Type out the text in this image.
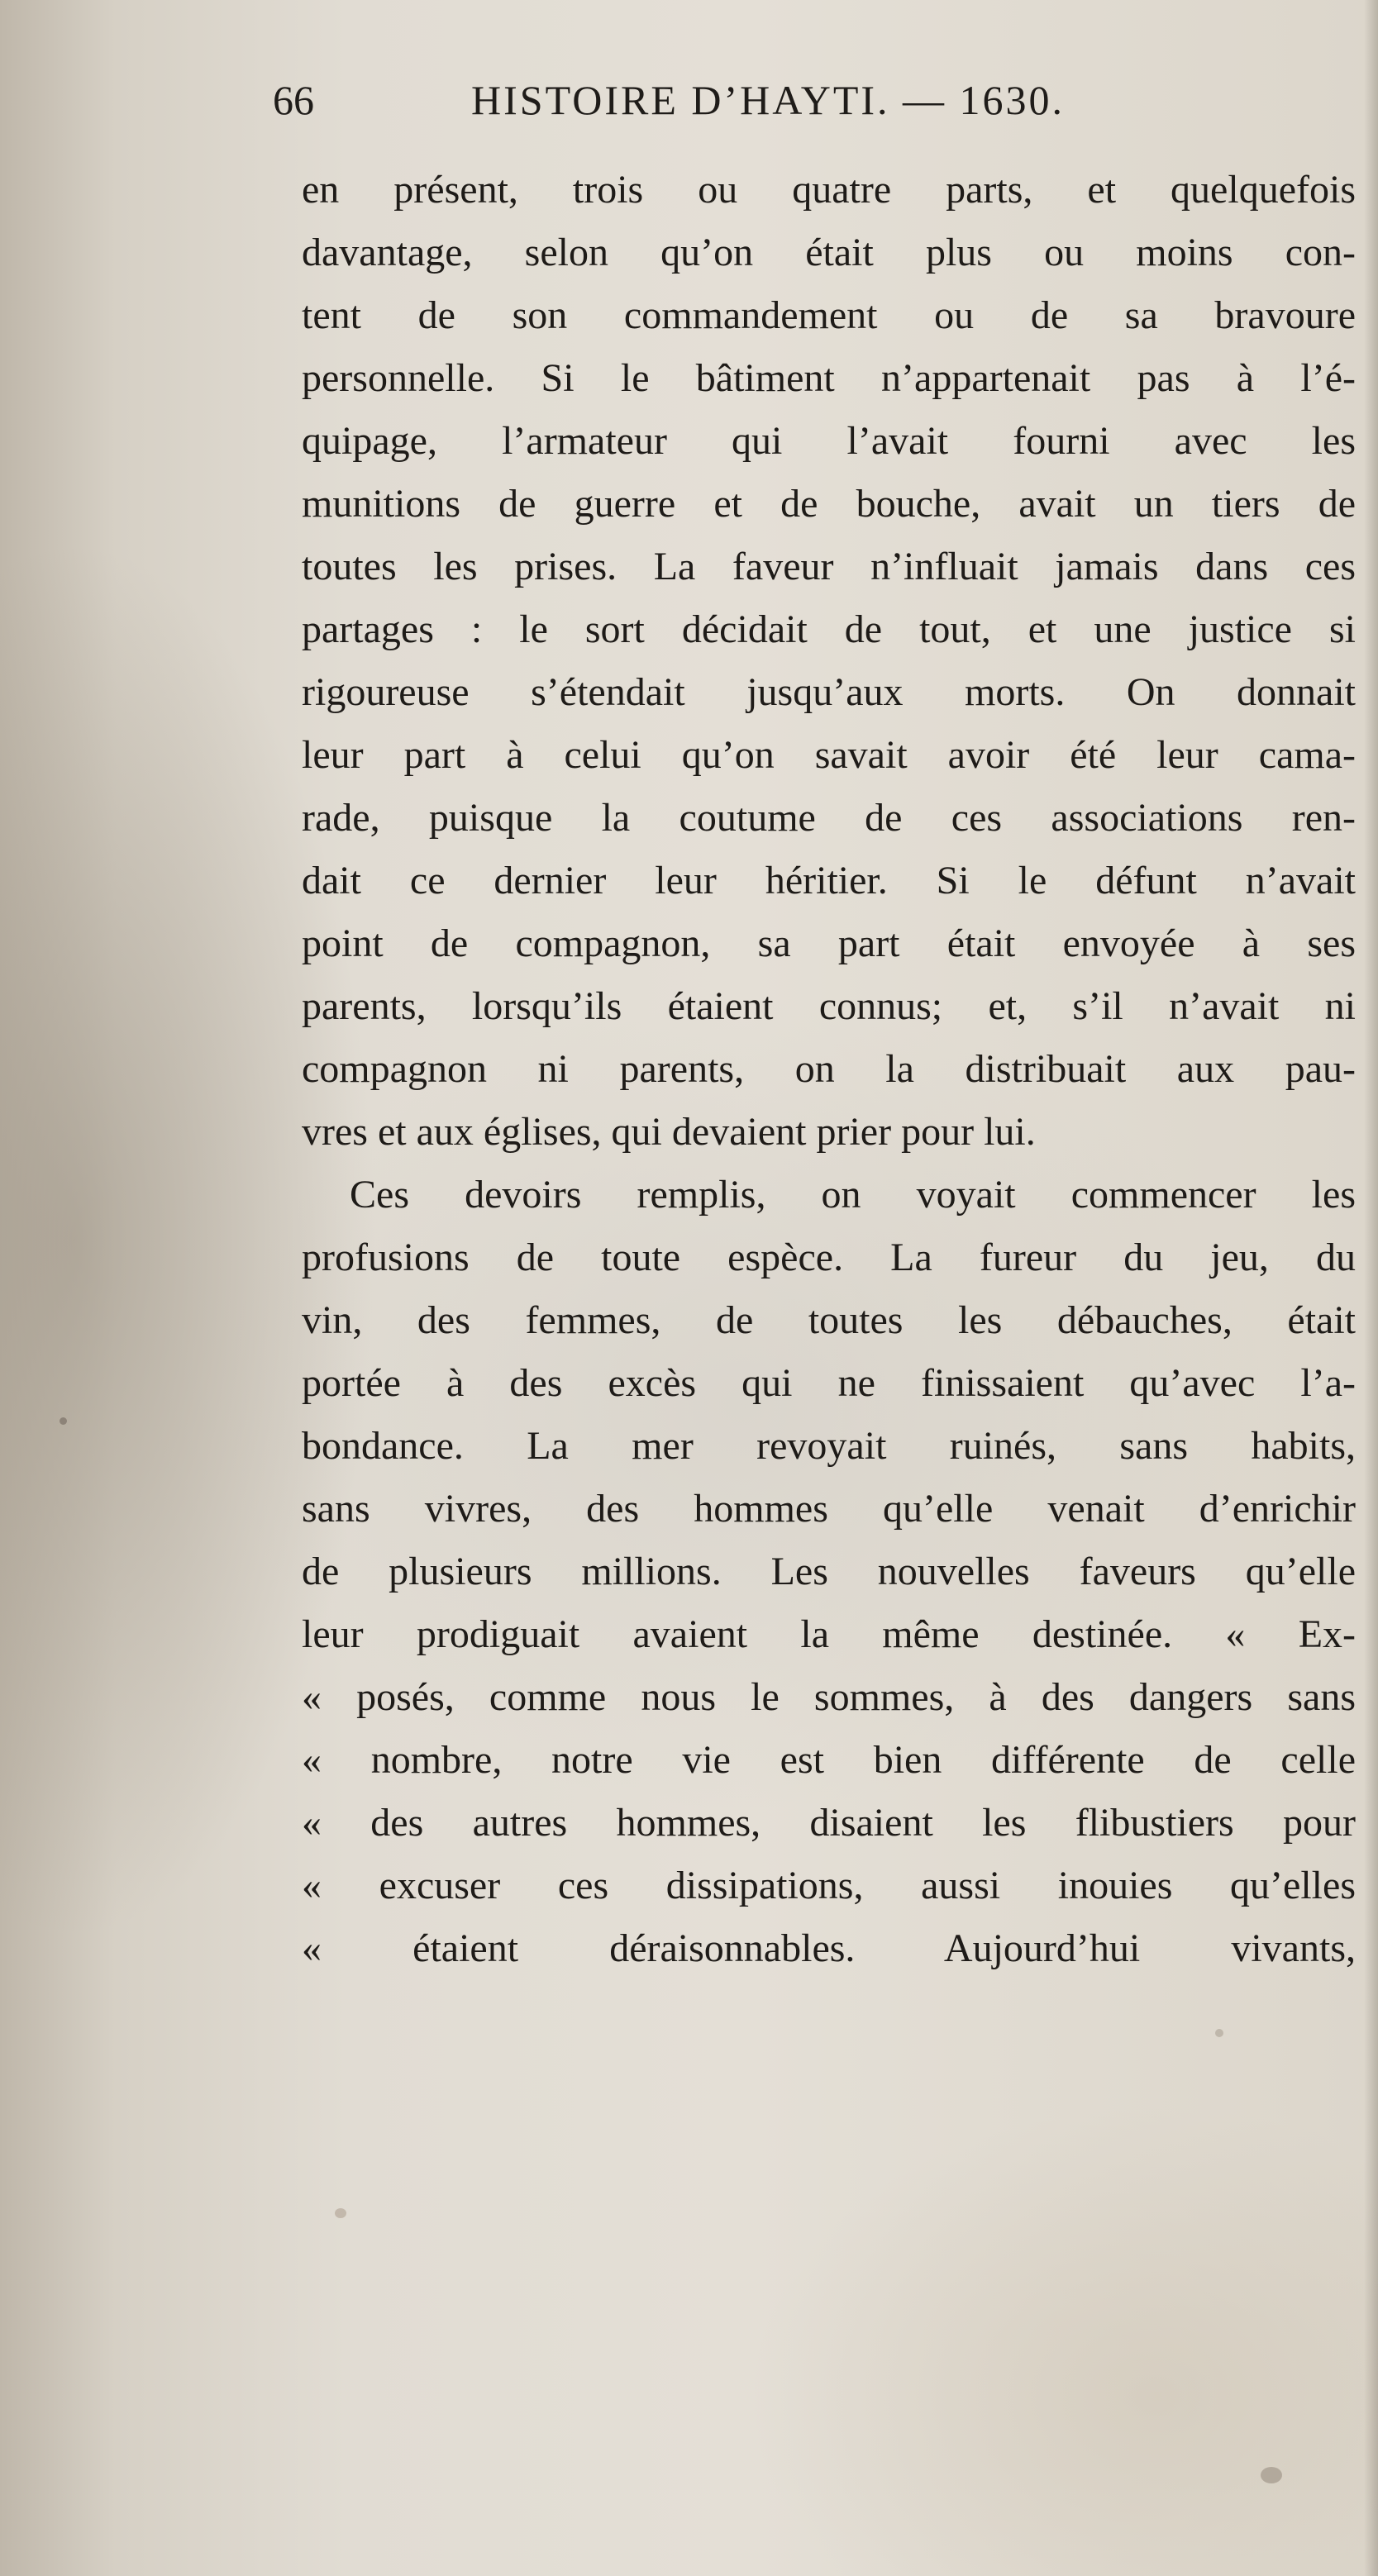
66	HISTOIRE D’HAYTI. — 1630.
en présent, trois ou quatre parts, et quelquefois
davantage, selon qu’on était plus ou moins con-
tent de son commandement ou de sa bravoure
personnelle. Si le bâtiment n’appartenait pas à l’é-
quipage, l’armateur qui l’avait fourni avec les
munitions de guerre et de bouche, avait un tiers de
toutes les prises. La faveur n’influait jamais dans ces
partages : le sort décidait de tout, et une justice si
rigoureuse s’étendait jusqu’aux morts. On donnait
leur part à celui qu’on savait avoir été leur cama-
rade, puisque la coutume de ces associations ren-
dait ce dernier leur héritier. Si le défunt n’avait
point de compagnon, sa part était envoyée à ses
parents, lorsqu’ils étaient connus; et, s’il n’avait ni
compagnon ni parents, on la distribuait aux pau-
vres et aux églises, qui devaient prier pour lui.
Ces devoirs remplis, on voyait commencer les
profusions de toute espèce. La fureur du jeu, du
vin, des femmes, de toutes les débauches, était
portée à des excès qui ne finissaient qu’avec l’a-
bondance. La mer revoyait ruinés, sans habits,
sans vivres, des hommes qu’elle venait d’enrichir
de plusieurs millions. Les nouvelles faveurs qu’elle
leur prodiguait avaient la même destinée. « Ex-
« posés, comme nous le sommes, à des dangers sans
« nombre, notre vie est bien différente de celle
« des autres hommes, disaient les flibustiers pour
« excuser ces dissipations, aussi inouies qu’elles
« étaient déraisonnables. Aujourd’hui vivants,
